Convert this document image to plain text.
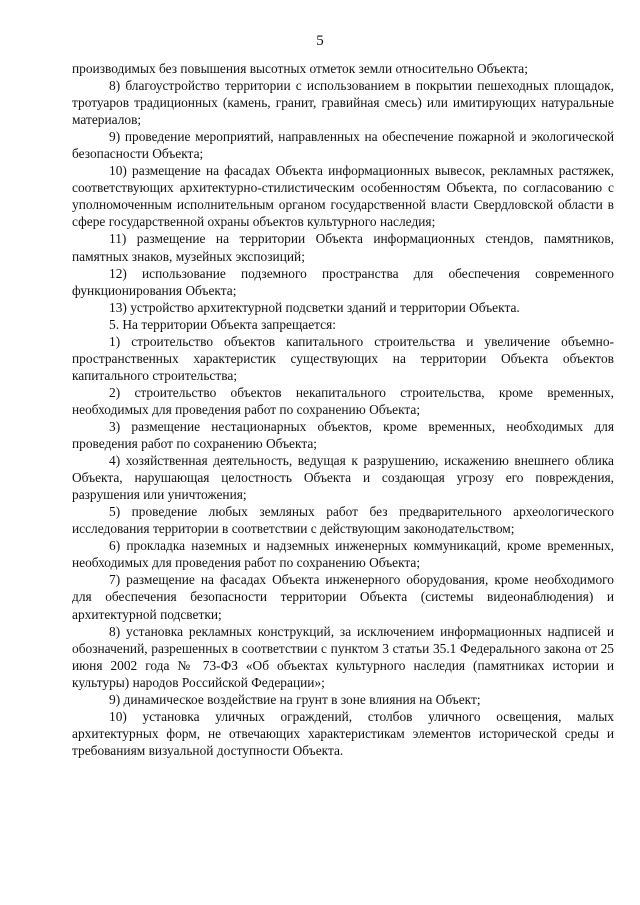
5

производимых без повышения высотных отметок земли относительно Объекта;

8) благоустройство территории с использованием в покрытии пешеходных площадок, тротуаров традиционных (камень, гранит, гравийная смесь) или имитирующих натуральные материалов;

9) проведение мероприятий, направленных на обеспечение пожарной и экологической безопасности Объекта;

10) размещение на фасадах Объекта информационных вывесок, рекламных растяжек, соответствующих архитектурно-стилистическим особенностям Объекта, по согласованию с уполномоченным исполнительным органом государственной власти Свердловской области в сфере государственной охраны объектов культурного наследия;

11) размещение на территории Объекта информационных стендов, памятников, памятных знаков, музейных экспозиций;

12) использование подземного пространства для обеспечения современного функционирования Объекта;

13) устройство архитектурной подсветки зданий и территории Объекта.

5. На территории Объекта запрещается:

1) строительство объектов капитального строительства и увеличение объемно-пространственных характеристик существующих на территории Объекта объектов капитального строительства;

2) строительство объектов некапитального строительства, кроме временных, необходимых для проведения работ по сохранению Объекта;

3) размещение нестационарных объектов, кроме временных, необходимых для проведения работ по сохранению Объекта;

4) хозяйственная деятельность, ведущая к разрушению, искажению внешнего облика Объекта, нарушающая целостность Объекта и создающая угрозу его повреждения, разрушения или уничтожения;

5) проведение любых земляных работ без предварительного археологического исследования территории в соответствии с действующим законодательством;

6) прокладка наземных и надземных инженерных коммуникаций, кроме временных, необходимых для проведения работ по сохранению Объекта;

7) размещение на фасадах Объекта инженерного оборудования, кроме необходимого для обеспечения безопасности территории Объекта (системы видеонаблюдения) и архитектурной подсветки;

8) установка рекламных конструкций, за исключением информационных надписей и обозначений, разрешенных в соответствии с пунктом 3 статьи 35.1 Федерального закона от 25 июня 2002 года № 73-ФЗ «Об объектах культурного наследия (памятниках истории и культуры) народов Российской Федерации»;

9) динамическое воздействие на грунт в зоне влияния на Объект;

10) установка уличных ограждений, столбов уличного освещения, малых архитектурных форм, не отвечающих характеристикам элементов исторической среды и требованиям визуальной доступности Объекта.
